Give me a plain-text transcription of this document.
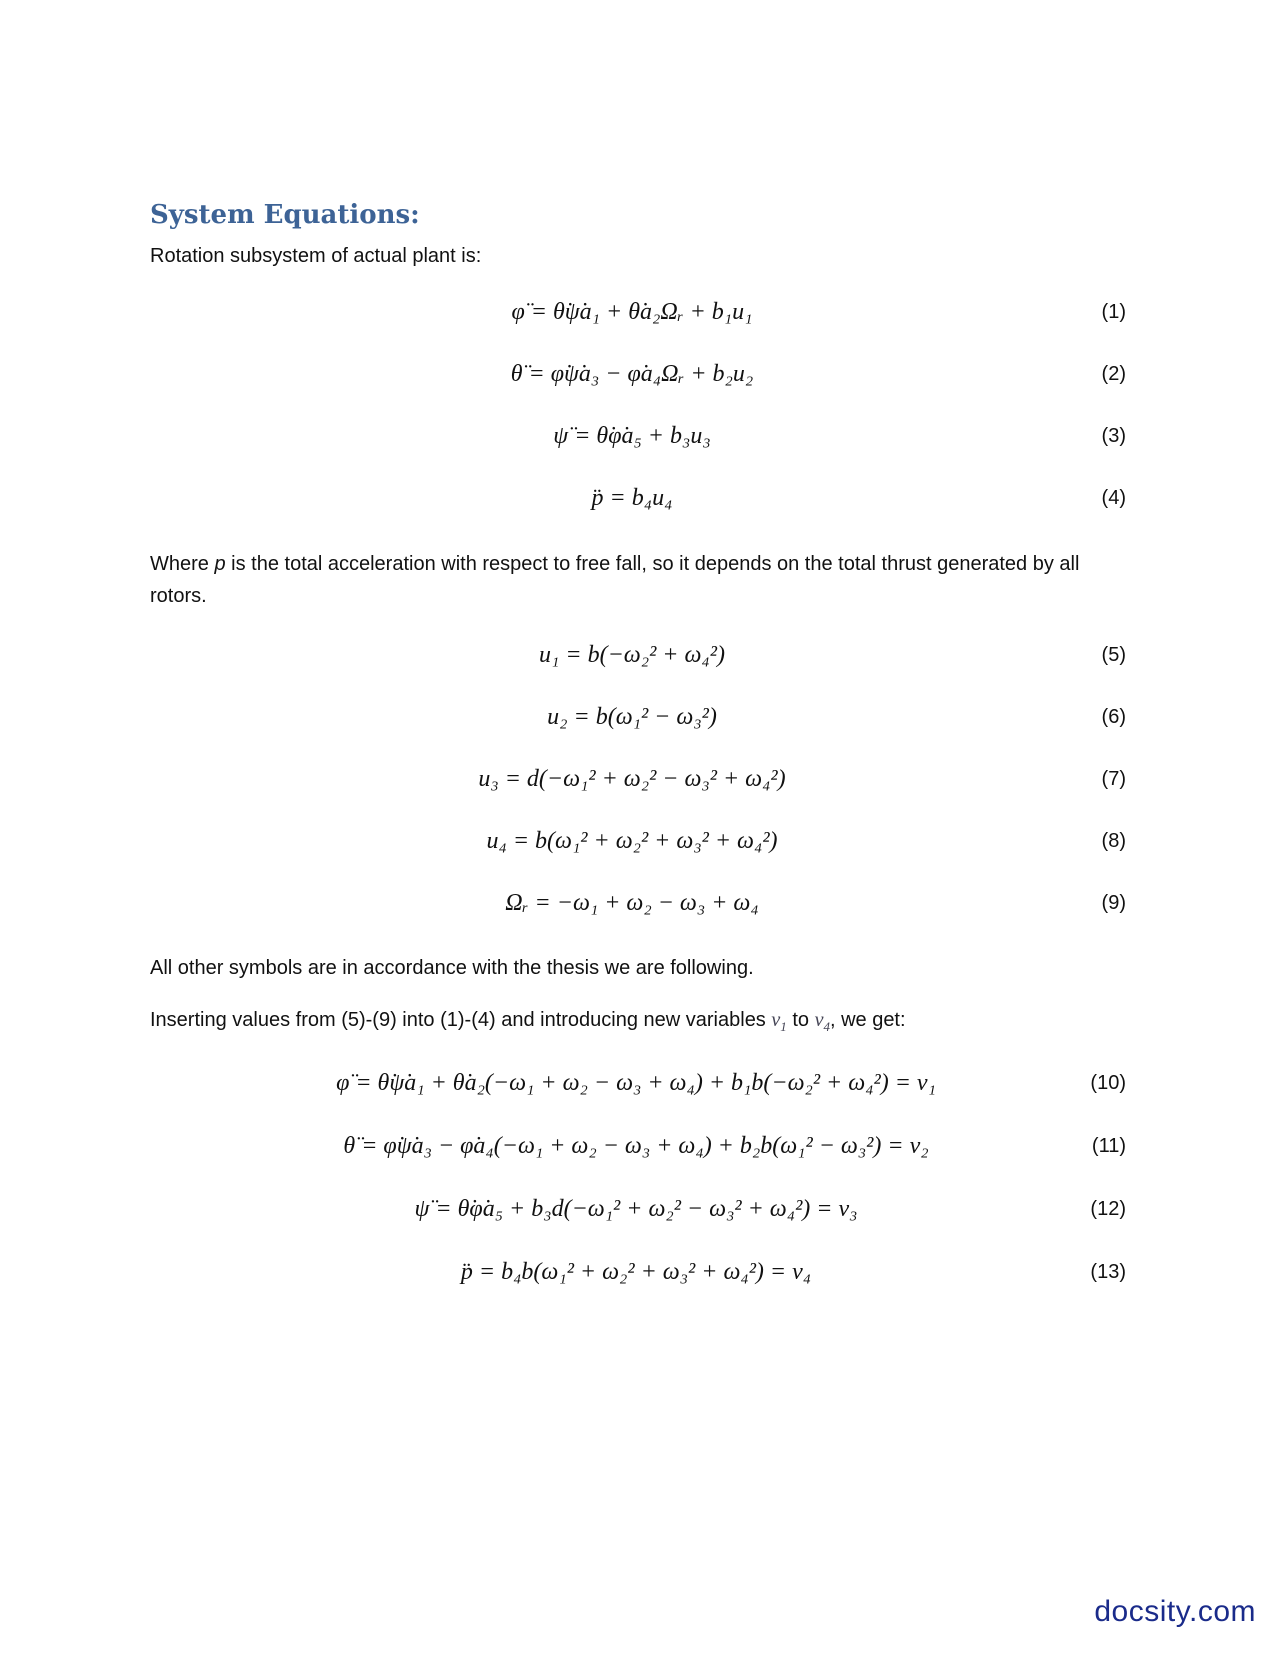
System Equations:
Rotation subsystem of actual plant is:
φ̈ = θ̇ψ̇a₁ + θ̇a₂Ωᵣ + b₁u₁	(1)
θ̈ = φ̇ψ̇a₃ − φ̇a₄Ωᵣ + b₂u₂	(2)
ψ̈ = θ̇φ̇a₅ + b₃u₃	(3)
p̈ = b₄u₄	(4)
Where p is the total acceleration with respect to free fall, so it depends on the total thrust generated by all rotors.
u₁ = b(−ω₂² + ω₄²)	(5)
u₂ = b(ω₁² − ω₃²)	(6)
u₃ = d(−ω₁² + ω₂² − ω₃² + ω₄²)	(7)
u₄ = b(ω₁² + ω₂² + ω₃² + ω₄²)	(8)
Ωᵣ = −ω₁ + ω₂ − ω₃ + ω₄	(9)
All other symbols are in accordance with the thesis we are following.
Inserting values from (5)-(9) into (1)-(4) and introducing new variables $v_1$ to $v_4$, we get:
φ̈ = θ̇ψ̇a₁ + θ̇a₂(−ω₁ + ω₂ − ω₃ + ω₄) + b₁b(−ω₂² + ω₄²) = v₁	(10)
θ̈ = φ̇ψ̇a₃ − φ̇a₄(−ω₁ + ω₂ − ω₃ + ω₄) + b₂b(ω₁² − ω₃²) = v₂	(11)
ψ̈ = θ̇φ̇a₅ + b₃d(−ω₁² + ω₂² − ω₃² + ω₄²) = v₃	(12)
p̈ = b₄b(ω₁² + ω₂² + ω₃² + ω₄²) = v₄	(13)
docsity.com
